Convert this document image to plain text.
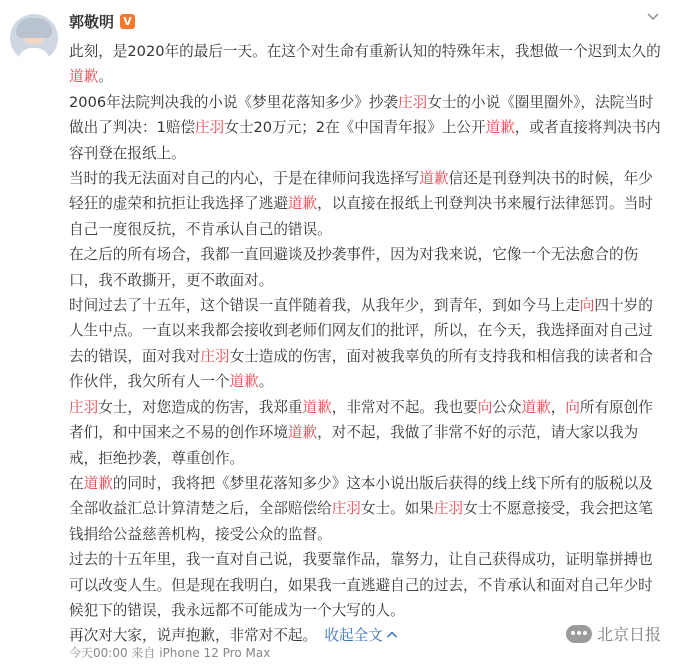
郭敬明 V

此刻，是2020年的最后一天。在这个对生命有重新认知的特殊年末，我想做一个迟到太久的道歉。

2006年法院判决我的小说《梦里花落知多少》抄袭庄羽女士的小说《圈里圈外》，法院当时做出了判决：1赔偿庄羽女士20万元；2在《中国青年报》上公开道歉，或者直接将判决书内容刊登在报纸上。

当时的我无法面对自己的内心，于是在律师问我选择写道歉信还是刊登判决书的时候，年少轻狂的虚荣和抗拒让我选择了逃避道歉，以直接在报纸上刊登判决书来履行法律惩罚。当时自己一度很反抗，不肯承认自己的错误。

在之后的所有场合，我都一直回避谈及抄袭事件，因为对我来说，它像一个无法愈合的伤口，我不敢撕开，更不敢面对。

时间过去了十五年，这个错误一直伴随着我，从我年少，到青年，到如今马上走向四十岁的人生中点。一直以来我都会接收到老师们网友们的批评，所以，在今天，我选择面对自己过去的错误，面对我对庄羽女士造成的伤害，面对被我辜负的所有支持我和相信我的读者和合作伙伴，我欠所有人一个道歉。

庄羽女士，对您造成的伤害，我郑重道歉，非常对不起。我也要向公众道歉，向所有原创作者们，和中国来之不易的创作环境道歉，对不起，我做了非常不好的示范，请大家以我为戒，拒绝抄袭，尊重创作。

在道歉的同时，我将把《梦里花落知多少》这本小说出版后获得的线上线下所有的版税以及全部收益汇总计算清楚之后，全部赔偿给庄羽女士。如果庄羽女士不愿意接受，我会把这笔钱捐给公益慈善机构，接受公众的监督。

过去的十五年里，我一直对自己说，我要靠作品，靠努力，让自己获得成功，证明靠拼搏也可以改变人生。但是现在我明白，如果我一直逃避自己的过去，不肯承认和面对自己年少时候犯下的错误，我永远都不可能成为一个大写的人。

再次对大家，说声抱歉，非常对不起。　 收起全文

今天00:00 来自 iPhone 12 Pro Max
北京日报
